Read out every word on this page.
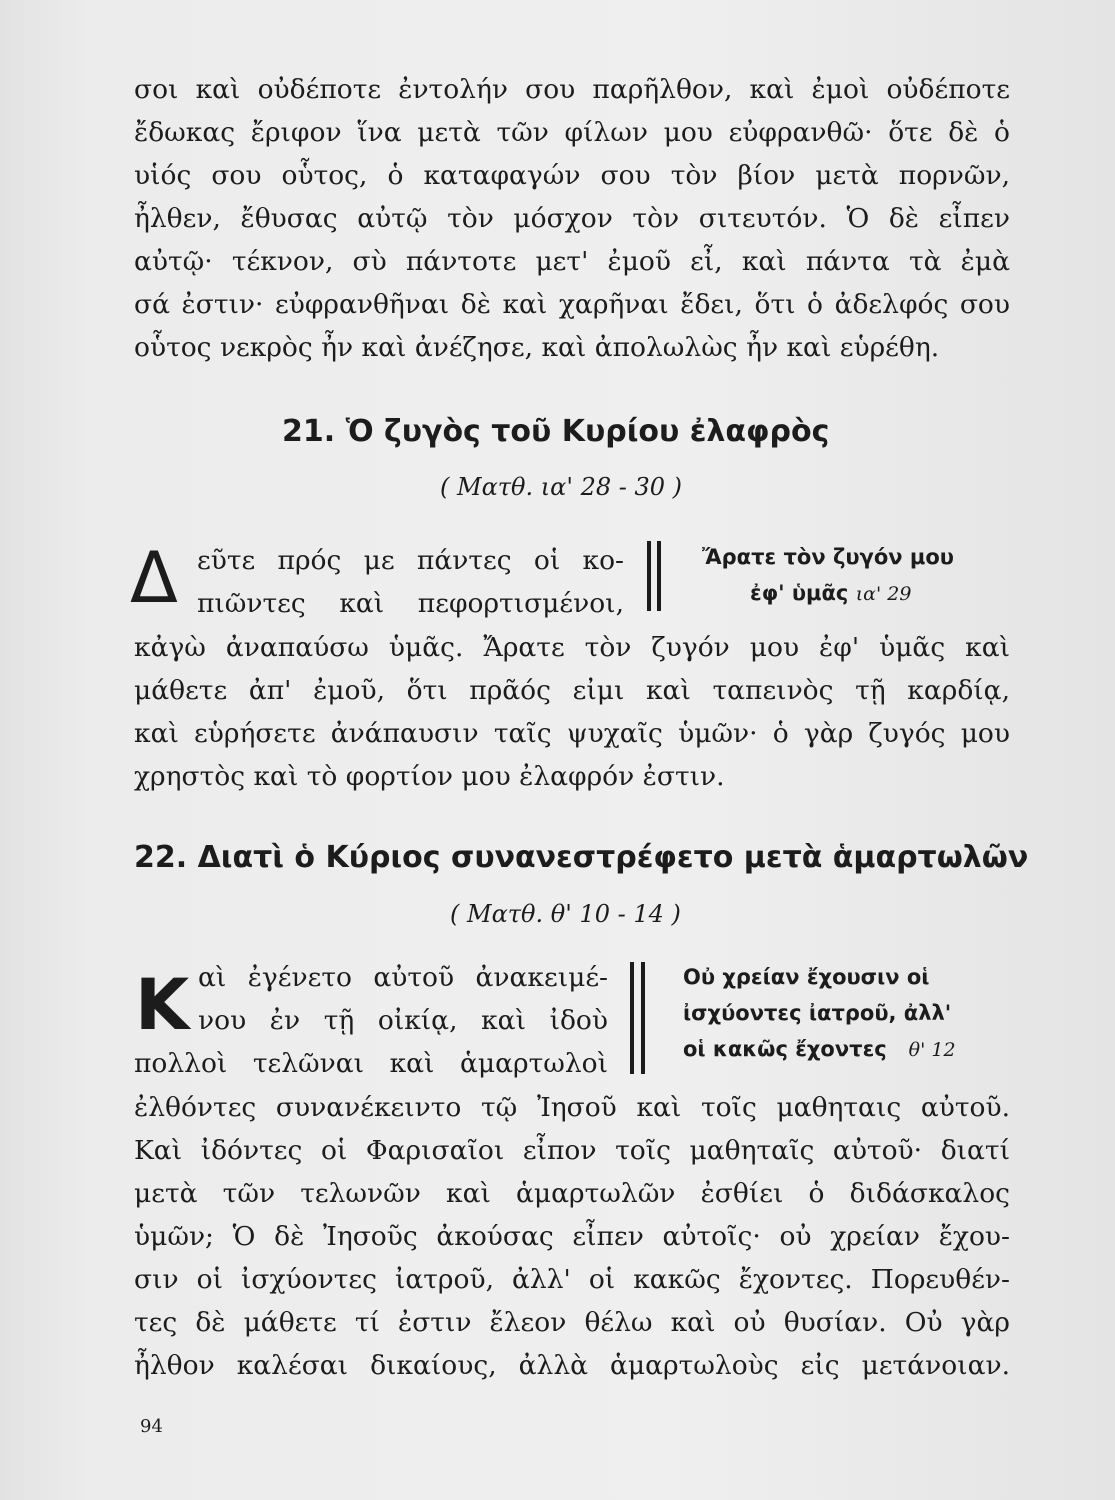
σοι καὶ οὐδέποτε ἐντολήν σου παρῆλθον, καὶ ἐμοὶ οὐδέποτε
ἔδωκας ἔριφον ἵνα μετὰ τῶν φίλων μου εὐφρανθῶ· ὅτε δὲ ὁ
υἱός σου οὗτος, ὁ καταφαγών σου τὸν βίον μετὰ πορνῶν,
ἦλθεν, ἔθυσας αὐτῷ τὸν μόσχον τὸν σιτευτόν. Ὁ δὲ εἶπεν
αὐτῷ· τέκνον, σὺ πάντοτε μετ' ἐμοῦ εἶ, καὶ πάντα τὰ ἐμὰ
σά ἐστιν· εὐφρανθῆναι δὲ καὶ χαρῆναι ἔδει, ὅτι ὁ ἀδελφός σου
οὗτος νεκρὸς ἦν καὶ ἀνέζησε, καὶ ἀπολωλὼς ἦν καὶ εὑρέθη.
21. Ὁ ζυγὸς τοῦ Κυρίου ἐλαφρὸς
( Ματθ. ια' 28 - 30 )
Δ εῦτε πρός με πάντες οἱ κο-
πιῶντες καὶ πεφορτισμένοι,
Ἄρατε τὸν ζυγόν μου
ἐφ' ὑμᾶς ια' 29
κἀγὼ ἀναπαύσω ὑμᾶς. Ἄρατε τὸν ζυγόν μου ἐφ' ὑμᾶς καὶ
μάθετε ἀπ' ἐμοῦ, ὅτι πρᾶός εἰμι καὶ ταπεινὸς τῇ καρδίᾳ,
καὶ εὑρήσετε ἀνάπαυσιν ταῖς ψυχαῖς ὑμῶν· ὁ γὰρ ζυγός μου
χρηστὸς καὶ τὸ φορτίον μου ἐλαφρόν ἐστιν.
22. Διατὶ ὁ Κύριος συνανεστρέφετο μετὰ ἁμαρτωλῶν
( Ματθ. θ' 10 - 14 )
Κ αὶ ἐγένετο αὐτοῦ ἀνακειμέ-
νου ἐν τῇ οἰκίᾳ, καὶ ἰδοὺ
πολλοὶ τελῶναι καὶ ἁμαρτωλοὶ
Οὐ χρείαν ἔχουσιν οἱ
ἰσχύοντες ἰατροῦ, ἀλλ'
οἱ κακῶς ἔχοντες θ' 12
ἐλθόντες συνανέκειντο τῷ Ἰησοῦ καὶ τοῖς μαθηταις αὐτοῦ.
Καὶ ἰδόντες οἱ Φαρισαῖοι εἶπον τοῖς μαθηταῖς αὐτοῦ· διατί
μετὰ τῶν τελωνῶν καὶ ἁμαρτωλῶν ἐσθίει ὁ διδάσκαλος
ὑμῶν; Ὁ δὲ Ἰησοῦς ἀκούσας εἶπεν αὐτοῖς· οὐ χρείαν ἔχου-
σιν οἱ ἰσχύοντες ἰατροῦ, ἀλλ' οἱ κακῶς ἔχοντες. Πορευθέν-
τες δὲ μάθετε τί ἐστιν ἔλεον θέλω καὶ οὐ θυσίαν. Οὐ γὰρ
ἦλθον καλέσαι δικαίους, ἀλλὰ ἁμαρτωλοὺς εἰς μετάνοιαν.
94
